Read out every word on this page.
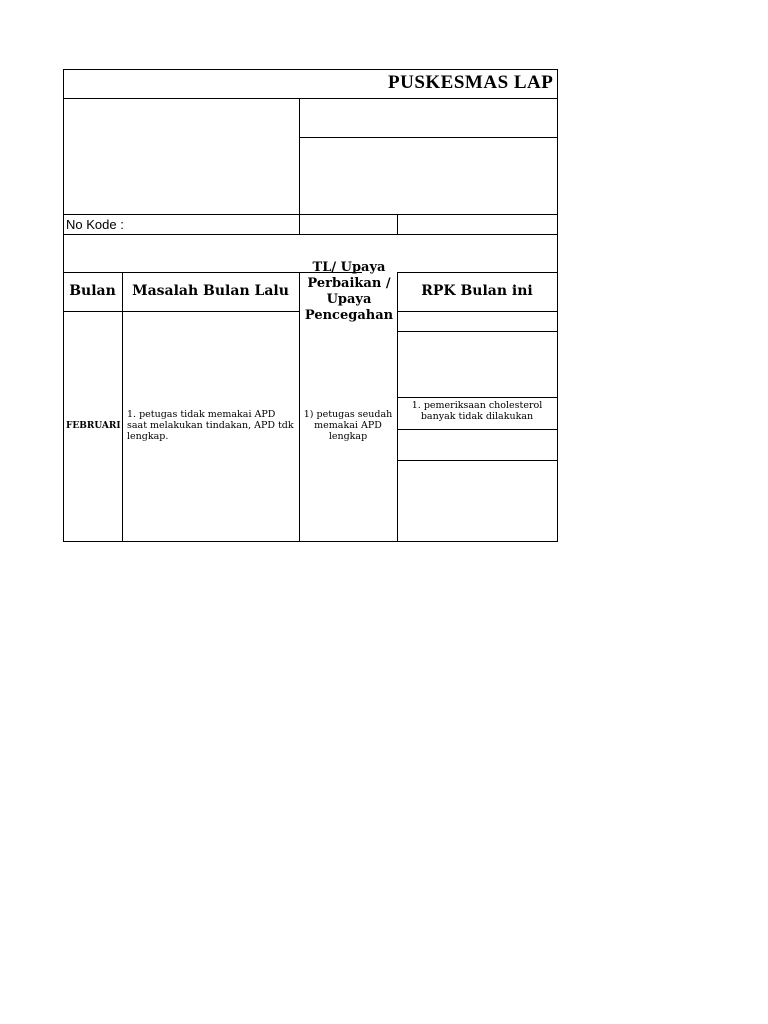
PUSKESMAS LAP
No Kode :
Bulan	Masalah Bulan Lalu
TL/ Upaya Perbaikan / Upaya Pencegahan
RPK Bulan ini
FEBRUARI
1. petugas tidak memakai APD saat melakukan tindakan, APD tdk lengkap.
1) petugas seudah memakai APD lengkap
1. pemeriksaan cholesterol banyak tidak dilakukan
